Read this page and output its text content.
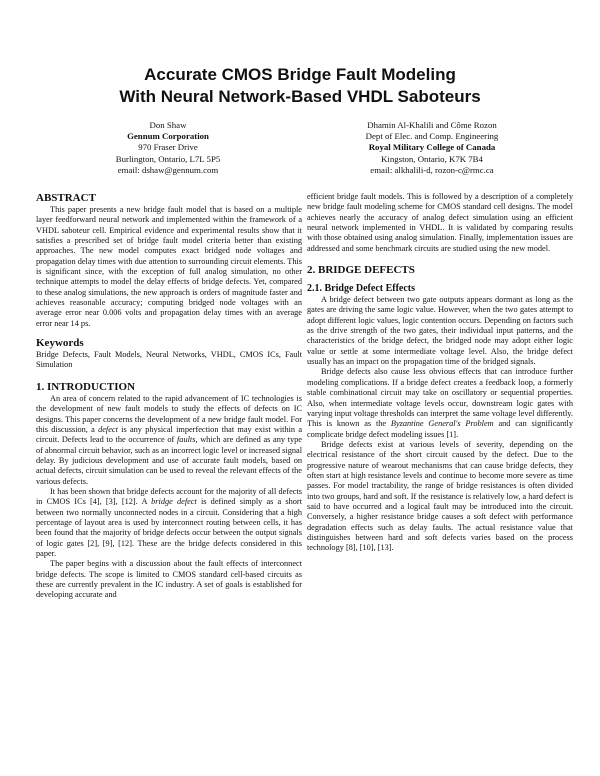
Accurate CMOS Bridge Fault Modeling
With Neural Network-Based VHDL Saboteurs
Don Shaw
Gennum Corporation
970 Fraser Drive
Burlington, Ontario, L7L 5P5
email: dshaw@gennum.com
Dhamin Al-Khalili and Côme Rozon
Dept of Elec. and Comp. Engineering
Royal Military College of Canada
Kingston, Ontario, K7K 7B4
email: alkhalili-d, rozon-c@rmc.ca
ABSTRACT

This paper presents a new bridge fault model that is based on a multiple layer feedforward neural network and implemented within the framework of a VHDL saboteur cell. Empirical evidence and experimental results show that it satisfies a prescribed set of bridge fault model criteria better than existing approaches. The new model computes exact bridged node voltages and propagation delay times with due attention to surrounding circuit elements. This is significant since, with the exception of full analog simulation, no other technique attempts to model the delay effects of bridge defects. Yet, compared to these analog simulations, the new approach is orders of magnitude faster and achieves reasonable accuracy; computing bridged node voltages with an average error near 0.006 volts and propagation delay times with an average error near 14 ps.

Keywords

Bridge Defects, Fault Models, Neural Networks, VHDL, CMOS ICs, Fault Simulation

1. INTRODUCTION

An area of concern related to the rapid advancement of IC technologies is the development of new fault models to study the effects of defects on IC designs. This paper concerns the development of a new bridge fault model. For this discussion, a defect is any physical imperfection that may exist within a circuit. Defects lead to the occurrence of faults, which are defined as any type of abnormal circuit behavior, such as an incorrect logic level or increased signal delay. By judicious development and use of accurate fault models, based on actual defects, circuit simulation can be used to reveal the relevant effects of the various defects.

It has been shown that bridge defects account for the majority of all defects in CMOS ICs [4], [3], [12]. A bridge defect is defined simply as a short between two normally unconnected nodes in a circuit. Considering that a high percentage of layout area is used by interconnect routing between cells, it has been found that the majority of bridge defects occur between the output signals of logic gates [2], [9], [12]. These are the bridge defects considered in this paper.

The paper begins with a discussion about the fault effects of interconnect bridge defects. The scope is limited to CMOS standard cell-based circuits as these are currently prevalent in the IC industry. A set of goals is established for developing accurate and

efficient bridge fault models. This is followed by a description of a completely new bridge fault modeling scheme for CMOS standard cell designs. The model achieves nearly the accuracy of analog defect simulation using an efficient neural network implemented in VHDL. It is validated by comparing results with those obtained using analog simulation. Finally, implementation issues are addressed and some benchmark circuits are studied using the new model.

2. BRIDGE DEFECTS
2.1. Bridge Defect Effects

A bridge defect between two gate outputs appears dormant as long as the gates are driving the same logic value. However, when the two gates attempt to adopt different logic values, logic contention occurs. Depending on factors such as the drive strength of the two gates, their individual input patterns, and the characteristics of the bridge defect, the bridged node may adopt either logic value or settle at some intermediate voltage level. Also, the bridge defect usually has an impact on the propagation time of the bridged signals.

Bridge defects also cause less obvious effects that can introduce further modeling complications. If a bridge defect creates a feedback loop, a formerly stable combinational circuit may take on oscillatory or sequential properties. Also, when intermediate voltage levels occur, downstream logic gates with varying input voltage thresholds can interpret the same voltage level differently. This is known as the Byzantine General's Problem and can significantly complicate bridge defect modeling issues [1].

Bridge defects exist at various levels of severity, depending on the electrical resistance of the short circuit caused by the defect. Due to the progressive nature of wearout mechanisms that can cause bridge defects, they often start at high resistance levels and continue to become more severe as time passes. For model tractability, the range of bridge resistances is often divided into two groups, hard and soft. If the resistance is relatively low, a hard defect is said to have occurred and a logical fault may be introduced into the circuit. Conversely, a higher resistance bridge causes a soft defect with performance degradation effects such as delay faults. The actual resistance value that distinguishes between hard and soft defects varies based on the process technology [8], [10], [13].
